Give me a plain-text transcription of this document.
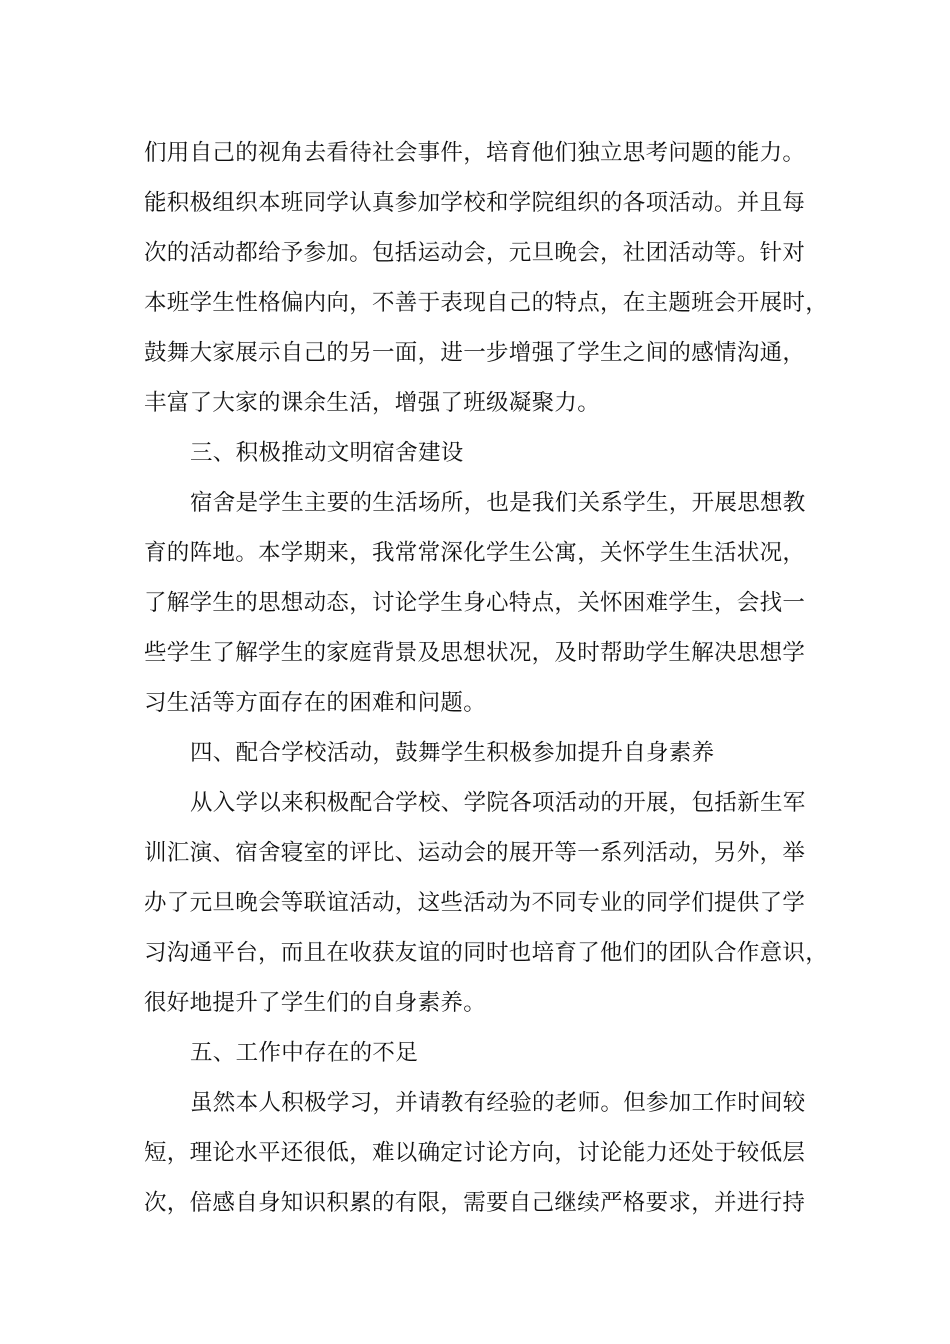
们用自己的视角去看待社会事件，培育他们独立思考问题的能力。
能积极组织本班同学认真参加学校和学院组织的各项活动。并且每
次的活动都给予参加。包括运动会，元旦晚会，社团活动等。针对
本班学生性格偏内向，不善于表现自己的特点，在主题班会开展时，
鼓舞大家展示自己的另一面，进一步增强了学生之间的感情沟通，
丰富了大家的课余生活，增强了班级凝聚力。
三、积极推动文明宿舍建设
宿舍是学生主要的生活场所，也是我们关系学生，开展思想教
育的阵地。本学期来，我常常深化学生公寓，关怀学生生活状况，
了解学生的思想动态，讨论学生身心特点，关怀困难学生，会找一
些学生了解学生的家庭背景及思想状况，及时帮助学生解决思想学
习生活等方面存在的困难和问题。
四、配合学校活动，鼓舞学生积极参加提升自身素养
从入学以来积极配合学校、学院各项活动的开展，包括新生军
训汇演、宿舍寝室的评比、运动会的展开等一系列活动，另外，举
办了元旦晚会等联谊活动，这些活动为不同专业的同学们提供了学
习沟通平台，而且在收获友谊的同时也培育了他们的团队合作意识，
很好地提升了学生们的自身素养。
五、工作中存在的不足
虽然本人积极学习，并请教有经验的老师。但参加工作时间较
短，理论水平还很低，难以确定讨论方向，讨论能力还处于较低层
次，倍感自身知识积累的有限，需要自己继续严格要求，并进行持
